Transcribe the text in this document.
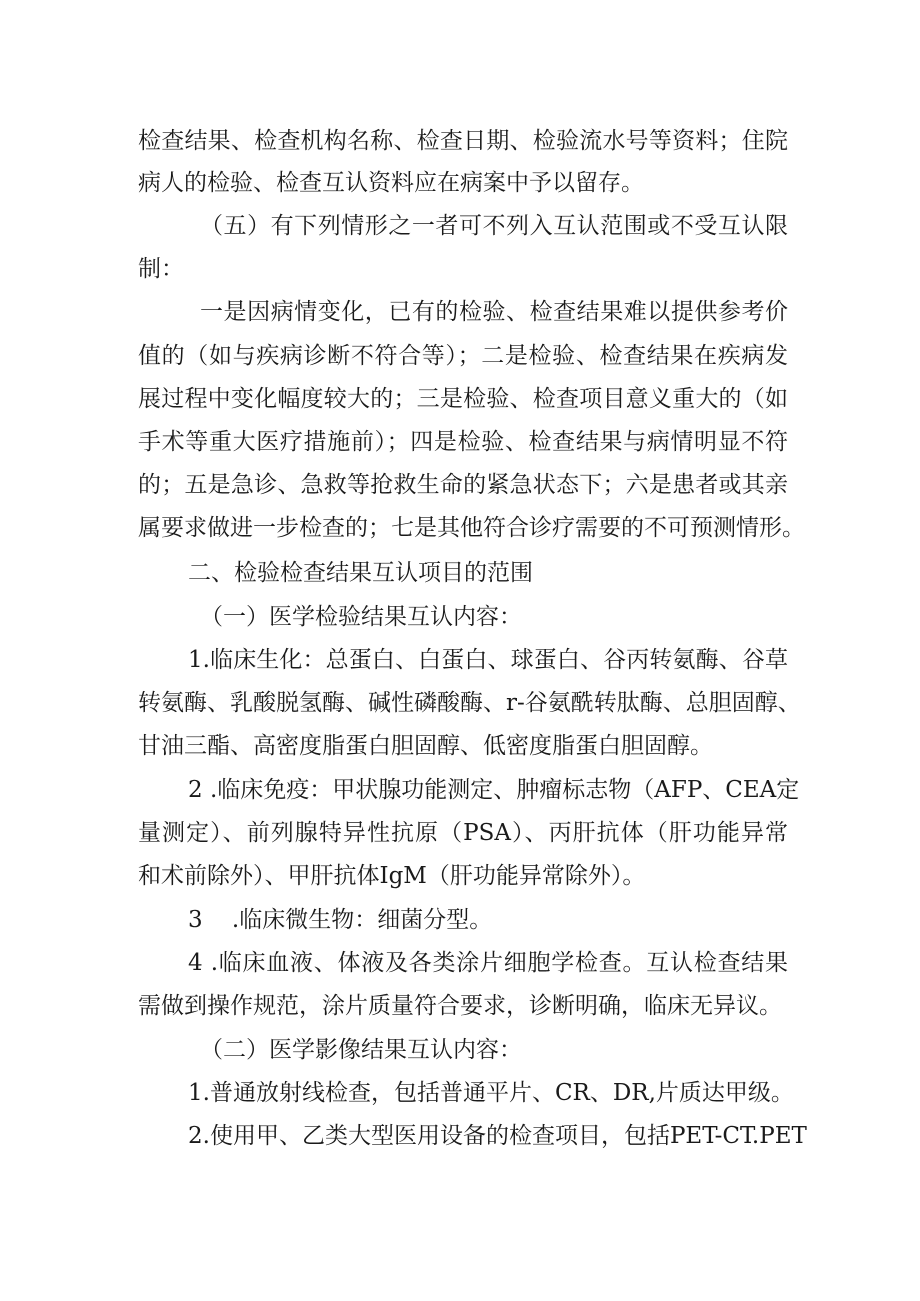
检查结果、检查机构名称、检查日期、检验流水号等资料；住院
病人的检验、检查互认资料应在病案中予以留存。
（五）有下列情形之一者可不列入互认范围或不受互认限
制：
一是因病情变化，已有的检验、检查结果难以提供参考价
值的（如与疾病诊断不符合等）；二是检验、检查结果在疾病发
展过程中变化幅度较大的；三是检验、检查项目意义重大的（如
手术等重大医疗措施前）；四是检验、检查结果与病情明显不符
的；五是急诊、急救等抢救生命的紧急状态下；六是患者或其亲
属要求做进一步检查的；七是其他符合诊疗需要的不可预测情形。
二、检验检查结果互认项目的范围
（一）医学检验结果互认内容：
1.临床生化：总蛋白、白蛋白、球蛋白、谷丙转氨酶、谷草
转氨酶、乳酸脱氢酶、碱性磷酸酶、r-谷氨酰转肽酶、总胆固醇、
甘油三酯、高密度脂蛋白胆固醇、低密度脂蛋白胆固醇。
2 .临床免疫：甲状腺功能测定、肿瘤标志物（AFP、CEA定
量测定）、前列腺特异性抗原（PSA）、丙肝抗体（肝功能异常
和术前除外）、甲肝抗体IgM（肝功能异常除外）。
3    .临床微生物：细菌分型。
4 .临床血液、体液及各类涂片细胞学检查。互认检查结果
需做到操作规范，涂片质量符合要求，诊断明确，临床无异议。
（二）医学影像结果互认内容：
1.普通放射线检查，包括普通平片、CR、DR,片质达甲级。
2.使用甲、乙类大型医用设备的检查项目，包括PET-CT.PET
